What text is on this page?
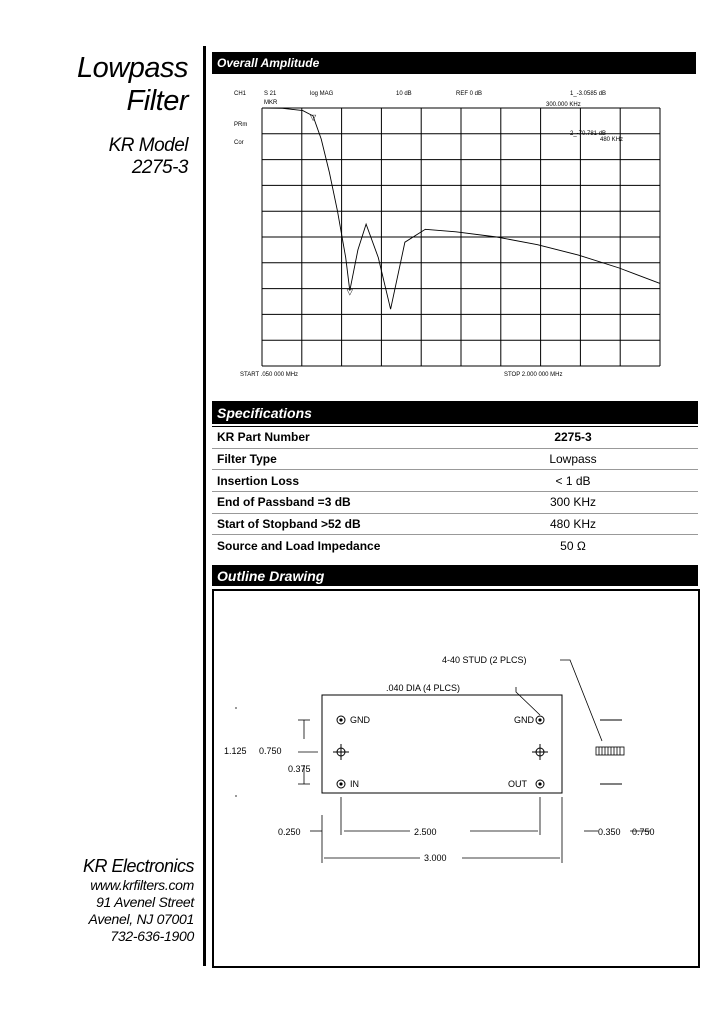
Lowpass
Filter
KR Model
2275-3
KR Electronics
www.krfilters.com
91 Avenel Street
Avenel, NJ 07001
732-636-1900
Overall Amplitude
CH1	S 21	log MAG	10 dB	REF 0 dB
PRm
Cor
MKR
1_-3.0585 dB
300.000 KHz
2_-70.781 dB
480 KHz
START .050 000 MHz	STOP 2.000 000 MHz
▽
▽
Specifications
KR Part Number	2275-3
Filter Type	Lowpass
Insertion Loss	< 1 dB
End of Passband =3 dB	300 KHz
Start of Stopband >52 dB	480 KHz
Source and Load Impedance	50 Ω
Outline Drawing
4-40 STUD (2 PLCS)
.040 DIA (4 PLCS)
GND	GND
IN	OUT
1.125 0.750
0.375
0.250	2.500
3.000
0.350 0.750
